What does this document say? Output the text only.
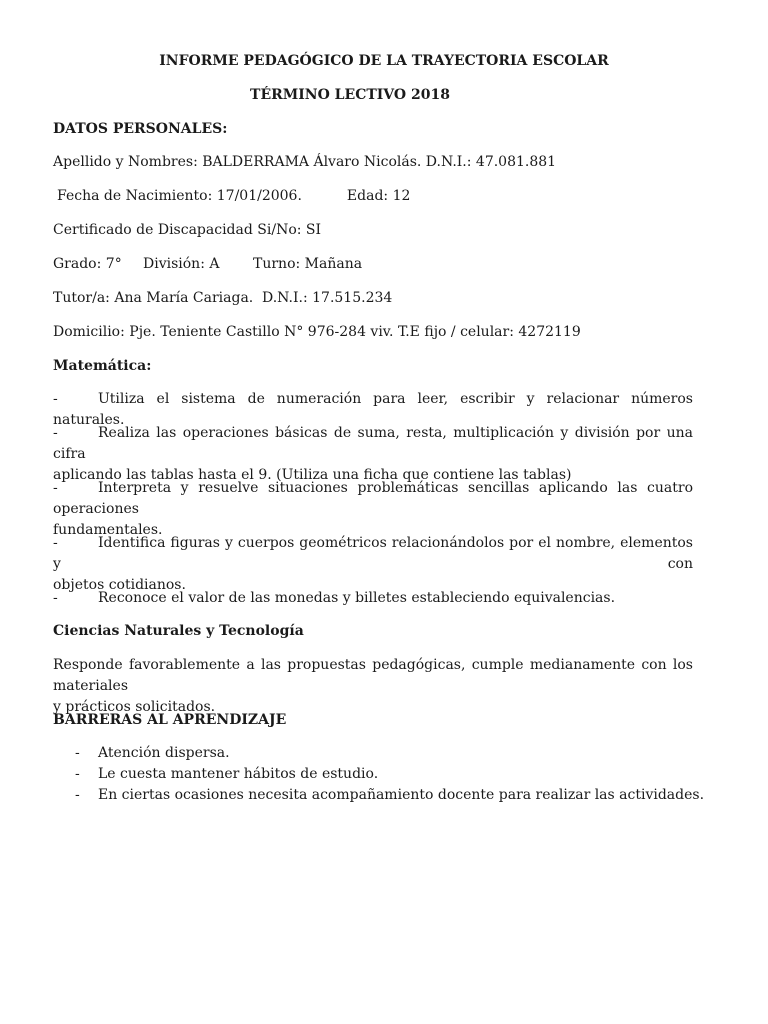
INFORME PEDAGÓGICO DE LA TRAYECTORIA ESCOLAR
TÉRMINO LECTIVO 2018
DATOS PERSONALES:
Apellido y Nombres: BALDERRAMA Álvaro Nicolás. D.N.I.: 47.081.881
Fecha de Nacimiento: 17/01/2006.	Edad: 12
Certificado de Discapacidad Si/No: SI
Grado: 7° División: A Turno: Mañana
Tutor/a: Ana María Cariaga. D.N.I.: 17.515.234
Domicilio: Pje. Teniente Castillo N° 976-284 viv. T.E fijo / celular: 4272119
Matemática:
-	Utiliza el sistema de numeración para leer, escribir y relacionar números naturales.
-	Realiza las operaciones básicas de suma, resta, multiplicación y división por una cifra
aplicando las tablas hasta el 9. (Utiliza una ficha que contiene las tablas)
-	Interpreta y resuelve situaciones problemáticas sencillas aplicando las cuatro operaciones
fundamentales.
-	Identifica figuras y cuerpos geométricos relacionándolos por el nombre, elementos y con
objetos cotidianos.
-	Reconoce el valor de las monedas y billetes estableciendo equivalencias.
Ciencias Naturales y Tecnología
Responde favorablemente a las propuestas pedagógicas, cumple medianamente con los materiales
y prácticos solicitados.
BARRERAS AL APRENDIZAJE
- Atención dispersa.
- Le cuesta mantener hábitos de estudio.
- En ciertas ocasiones necesita acompañamiento docente para realizar las actividades.
